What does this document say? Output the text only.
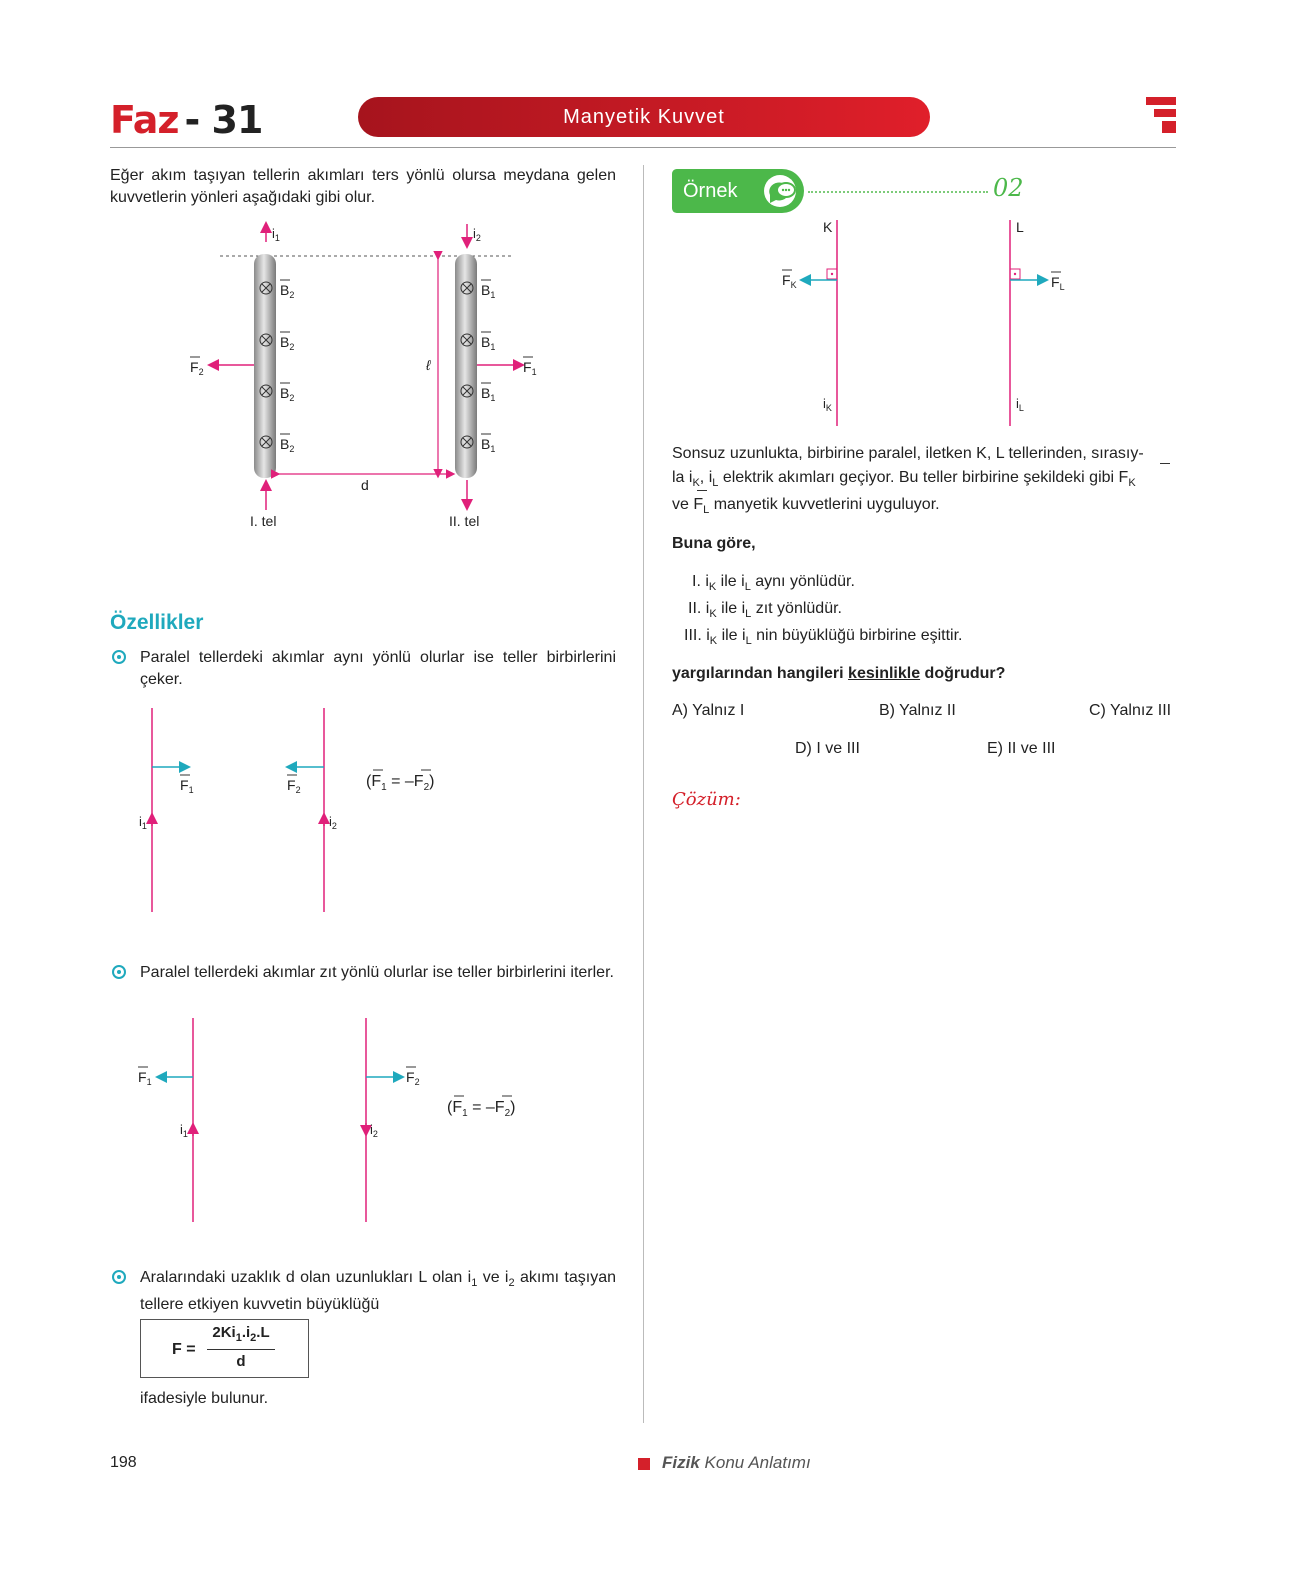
Faz - 31	Manyetik Kuvvet
Eğer akım taşıyan tellerin akımları ters yönlü olursa meydana gelen kuvvetlerin yönleri aşağıdaki gibi olur.
$i_1$	$i_2$
$B_2$
$B_2$
$B_2$
$B_2$
$B_1$
$B_1$
$B_1$
$B_1$
$F_2$	$F_1$
ℓ
d
I. tel	II. tel
Özellikler
Paralel tellerdeki akımlar aynı yönlü olurlar ise teller birbirlerini çeker.
$i_1$	$i_2$
$F_1$	$F_2$	$(F_1 = -F_2)$
Paralel tellerdeki akımlar zıt yönlü olurlar ise teller birbirlerini iterler.
$i_1$	$i_2$
$F_1$	$F_2$
$(F_1 = -F_2)$
Aralarındaki uzaklık d olan uzunlukları L olan $i_1$ ve $i_2$ akımı taşıyan tellere etkiyen kuvvetin büyüklüğü
F =
$2Ki_1.i_2.L$
d
ifadesiyle bulunur.
Örnek	02
K	L
$F_K$	$F_L$
$i_K$	$i_L$
Sonsuz uzunlukta, birbirine paralel, iletken K, L tellerinden, sırasıy-
la $i_K$, $i_L$ elektrik akımları geçiyor. Bu teller birbirine şekildeki gibi $F_K$
ve $F_L$ manyetik kuvvetlerini uyguluyor.
Buna göre,
I. $i_K$ ile $i_L$ aynı yönlüdür.
II. $i_K$ ile $i_L$ zıt yönlüdür.
III. $i_K$ ile $i_L$ nin büyüklüğü birbirine eşittir.
yargılarından hangileri kesinlikle doğrudur?
A) Yalnız I	B) Yalnız II	C) Yalnız III
D) I ve III	E) II ve III
Çözüm:
198	Fizik Konu Anlatımı
